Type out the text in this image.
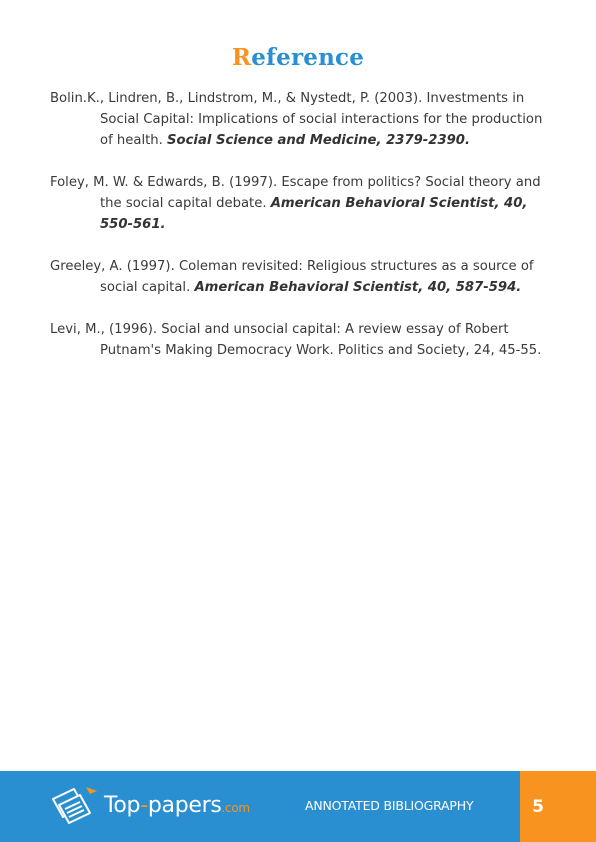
Reference

Bolin.K., Lindren, B., Lindstrom, M., & Nystedt, P. (2003). Investments in Social Capital: Implications of social interactions for the production of health. Social Science and Medicine, 2379-2390.

Foley, M. W. & Edwards, B. (1997). Escape from politics? Social theory and the social capital debate. American Behavioral Scientist, 40, 550-561.

Greeley, A. (1997). Coleman revisited: Religious structures as a source of social capital. American Behavioral Scientist, 40, 587-594.

Levi, M., (1996). Social and unsocial capital: A review essay of Robert Putnam's Making Democracy Work. Politics and Society, 24, 45-55.

Top-papers.com	ANNOTATED BIBLIOGRAPHY	5
